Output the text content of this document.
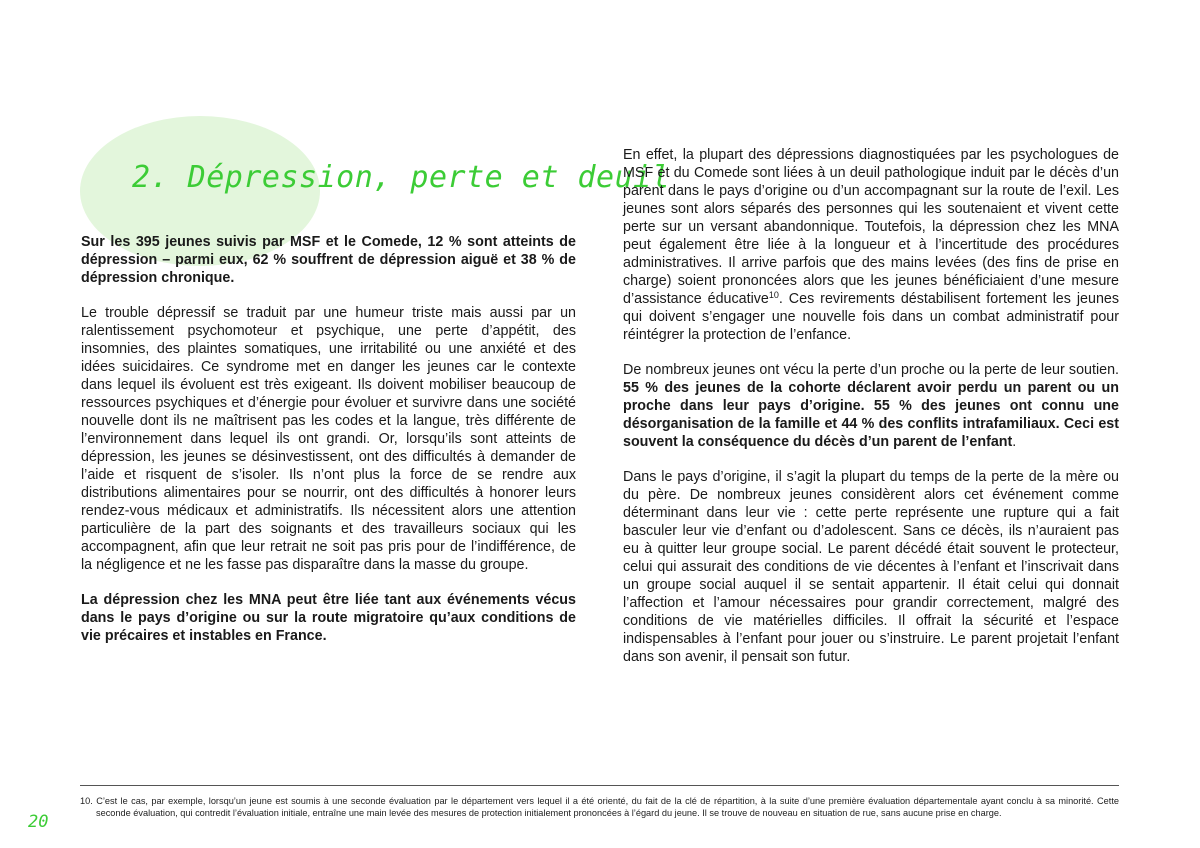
2. Dépression, perte et deuil

Sur les 395 jeunes suivis par MSF et le Comede, 12 % sont atteints de dépression – parmi eux, 62 % souffrent de dépression aiguë et 38 % de dépression chronique.

Le trouble dépressif se traduit par une humeur triste mais aussi par un ralentissement psychomoteur et psychique, une perte d’appétit, des insomnies, des plaintes somatiques, une irritabilité ou une anxiété et des idées suicidaires. Ce syndrome met en danger les jeunes car le contexte dans lequel ils évoluent est très exigeant. Ils doivent mobiliser beaucoup de ressources psychiques et d’énergie pour évoluer et survivre dans une société nouvelle dont ils ne maîtrisent pas les codes et la langue, très différente de l’environnement dans lequel ils ont grandi. Or, lorsqu’ils sont atteints de dépression, les jeunes se désinvestissent, ont des difficultés à demander de l’aide et risquent de s’isoler. Ils n’ont plus la force de se rendre aux distributions alimentaires pour se nourrir, ont des difficultés à honorer leurs rendez-vous médicaux et administratifs. Ils nécessitent alors une attention particulière de la part des soignants et des travailleurs sociaux qui les accompagnent, afin que leur retrait ne soit pas pris pour de l’indifférence, de la négligence et ne les fasse pas disparaître dans la masse du groupe.

La dépression chez les MNA peut être liée tant aux événements vécus dans le pays d’origine ou sur la route migratoire qu’aux conditions de vie précaires et instables en France.

En effet, la plupart des dépressions diagnostiquées par les psychologues de MSF et du Comede sont liées à un deuil pathologique induit par le décès d’un parent dans le pays d’origine ou d’un accompagnant sur la route de l’exil. Les jeunes sont alors séparés des personnes qui les soutenaient et vivent cette perte sur un versant abandonnique. Toutefois, la dépression chez les MNA peut également être liée à la longueur et à l’incertitude des procédures administratives. Il arrive parfois que des mains levées (des fins de prise en charge) soient prononcées alors que les jeunes bénéficiaient d’une mesure d’assistance éducative$^{10}$. Ces revirements déstabilisent fortement les jeunes qui doivent s’engager une nouvelle fois dans un combat administratif pour réintégrer la protection de l’enfance.

De nombreux jeunes ont vécu la perte d’un proche ou la perte de leur soutien. 55 % des jeunes de la cohorte déclarent avoir perdu un parent ou un proche dans leur pays d’origine. 55 % des jeunes ont connu une désorganisation de la famille et 44 % des conflits intrafamiliaux. Ceci est souvent la conséquence du décès d’un parent de l’enfant.

Dans le pays d’origine, il s’agit la plupart du temps de la perte de la mère ou du père. De nombreux jeunes considèrent alors cet événement comme déterminant dans leur vie : cette perte représente une rupture qui a fait basculer leur vie d’enfant ou d’adolescent. Sans ce décès, ils n’auraient pas eu à quitter leur groupe social. Le parent décédé était souvent le protecteur, celui qui assurait des conditions de vie décentes à l’enfant et l’inscrivait dans un groupe social auquel il se sentait appartenir. Il était celui qui donnait l’affection et l’amour nécessaires pour grandir correctement, malgré des conditions de vie matérielles difficiles. Il offrait la sécurité et l’espace indispensables à l’enfant pour jouer ou s’instruire. Le parent projetait l’enfant dans son avenir, il pensait son futur.

10. C’est le cas, par exemple, lorsqu’un jeune est soumis à une seconde évaluation par le département vers lequel il a été orienté, du fait de la clé de répartition, à la suite d’une première évaluation départementale ayant conclu à sa minorité. Cette seconde évaluation, qui contredit l’évaluation initiale, entraîne une main levée des mesures de protection initialement prononcées à l’égard du jeune. Il se trouve de nouveau en situation de rue, sans aucune prise en charge.
20
